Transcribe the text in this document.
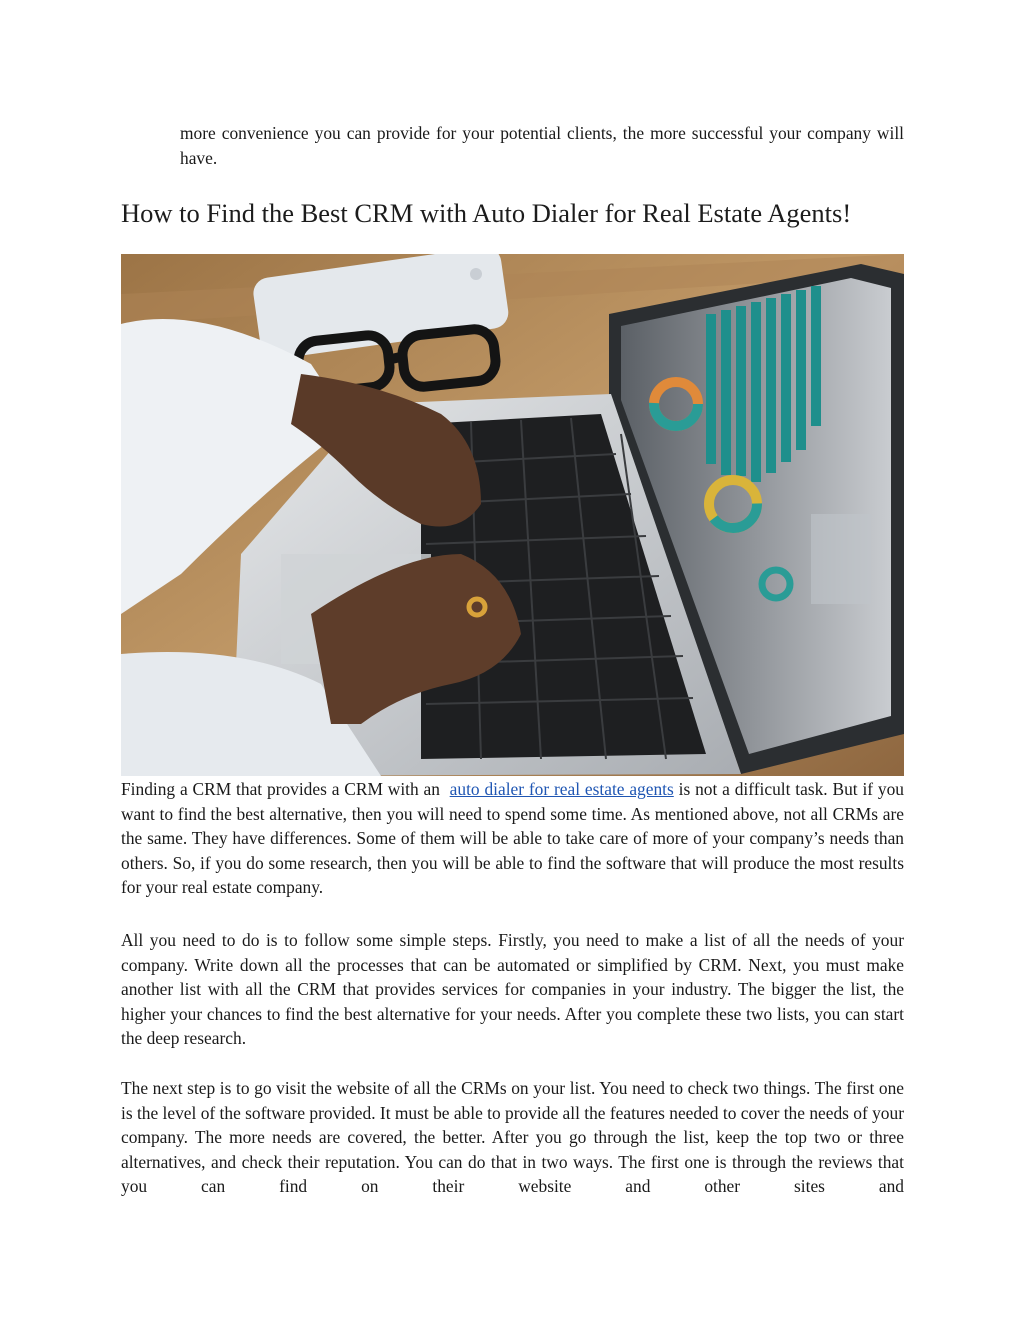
more convenience you can provide for your potential clients, the more successful your company will have.
How to Find the Best CRM with Auto Dialer for Real Estate Agents!

Finding a CRM that provides a CRM with an auto dialer for real estate agents is not a difficult task. But if you want to find the best alternative, then you will need to spend some time. As mentioned above, not all CRMs are the same. They have differences. Some of them will be able to take care of more of your company’s needs than others. So, if you do some research, then you will be able to find the software that will produce the most results for your real estate company.

All you need to do is to follow some simple steps. Firstly, you need to make a list of all the needs of your company. Write down all the processes that can be automated or simplified by CRM. Next, you must make another list with all the CRM that provides services for companies in your industry. The bigger the list, the higher your chances to find the best alternative for your needs. After you complete these two lists, you can start the deep research.

The next step is to go visit the website of all the CRMs on your list. You need to check two things. The first one is the level of the software provided. It must be able to provide all the features needed to cover the needs of your company. The more needs are covered, the better. After you go through the list, keep the top two or three alternatives, and check their reputation. You can do that in two ways. The first one is through the reviews that you can find on their website and other sites and
